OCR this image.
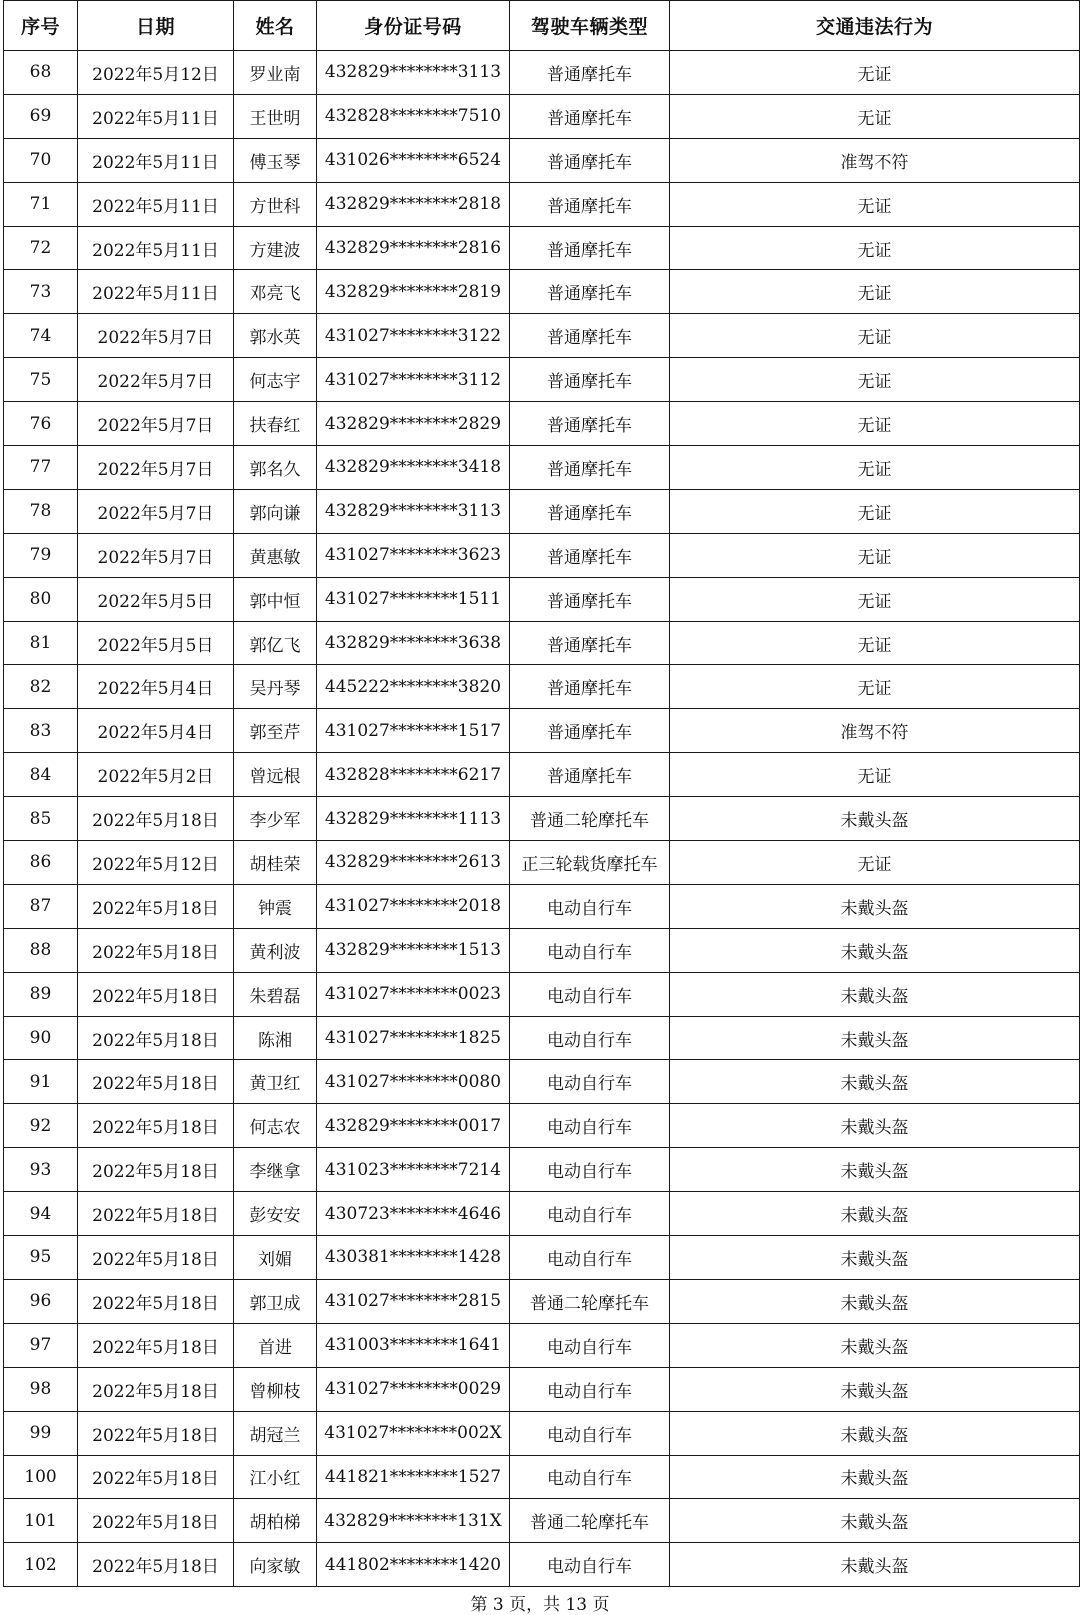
序号	日期	姓名	身份证号码	驾驶车辆类型	交通违法行为
68	2022年5月12日	罗业南	432829********3113	普通摩托车	无证
69	2022年5月11日	王世明	432828********7510	普通摩托车	无证
70	2022年5月11日	傅玉琴	431026********6524	普通摩托车	准驾不符
71	2022年5月11日	方世科	432829********2818	普通摩托车	无证
72	2022年5月11日	方建波	432829********2816	普通摩托车	无证
73	2022年5月11日	邓亮飞	432829********2819	普通摩托车	无证
74	2022年5月7日	郭水英	431027********3122	普通摩托车	无证
75	2022年5月7日	何志宇	431027********3112	普通摩托车	无证
76	2022年5月7日	扶春红	432829********2829	普通摩托车	无证
77	2022年5月7日	郭名久	432829********3418	普通摩托车	无证
78	2022年5月7日	郭向谦	432829********3113	普通摩托车	无证
79	2022年5月7日	黄惠敏	431027********3623	普通摩托车	无证
80	2022年5月5日	郭中恒	431027********1511	普通摩托车	无证
81	2022年5月5日	郭亿飞	432829********3638	普通摩托车	无证
82	2022年5月4日	吴丹琴	445222********3820	普通摩托车	无证
83	2022年5月4日	郭至芹	431027********1517	普通摩托车	准驾不符
84	2022年5月2日	曾远根	432828********6217	普通摩托车	无证
85	2022年5月18日	李少军	432829********1113	普通二轮摩托车	未戴头盔
86	2022年5月12日	胡桂荣	432829********2613	正三轮载货摩托车	无证
87	2022年5月18日	钟震	431027********2018	电动自行车	未戴头盔
88	2022年5月18日	黄利波	432829********1513	电动自行车	未戴头盔
89	2022年5月18日	朱碧磊	431027********0023	电动自行车	未戴头盔
90	2022年5月18日	陈湘	431027********1825	电动自行车	未戴头盔
91	2022年5月18日	黄卫红	431027********0080	电动自行车	未戴头盔
92	2022年5月18日	何志农	432829********0017	电动自行车	未戴头盔
93	2022年5月18日	李继拿	431023********7214	电动自行车	未戴头盔
94	2022年5月18日	彭安安	430723********4646	电动自行车	未戴头盔
95	2022年5月18日	刘媚	430381********1428	电动自行车	未戴头盔
96	2022年5月18日	郭卫成	431027********2815	普通二轮摩托车	未戴头盔
97	2022年5月18日	首进	431003********1641	电动自行车	未戴头盔
98	2022年5月18日	曾柳枝	431027********0029	电动自行车	未戴头盔
99	2022年5月18日	胡冠兰	431027********002X	电动自行车	未戴头盔
100	2022年5月18日	江小红	441821********1527	电动自行车	未戴头盔
101	2022年5月18日	胡柏梯	432829********131X	普通二轮摩托车	未戴头盔
102	2022年5月18日	向家敏	441802********1420	电动自行车	未戴头盔
第 3 页，共 13 页
